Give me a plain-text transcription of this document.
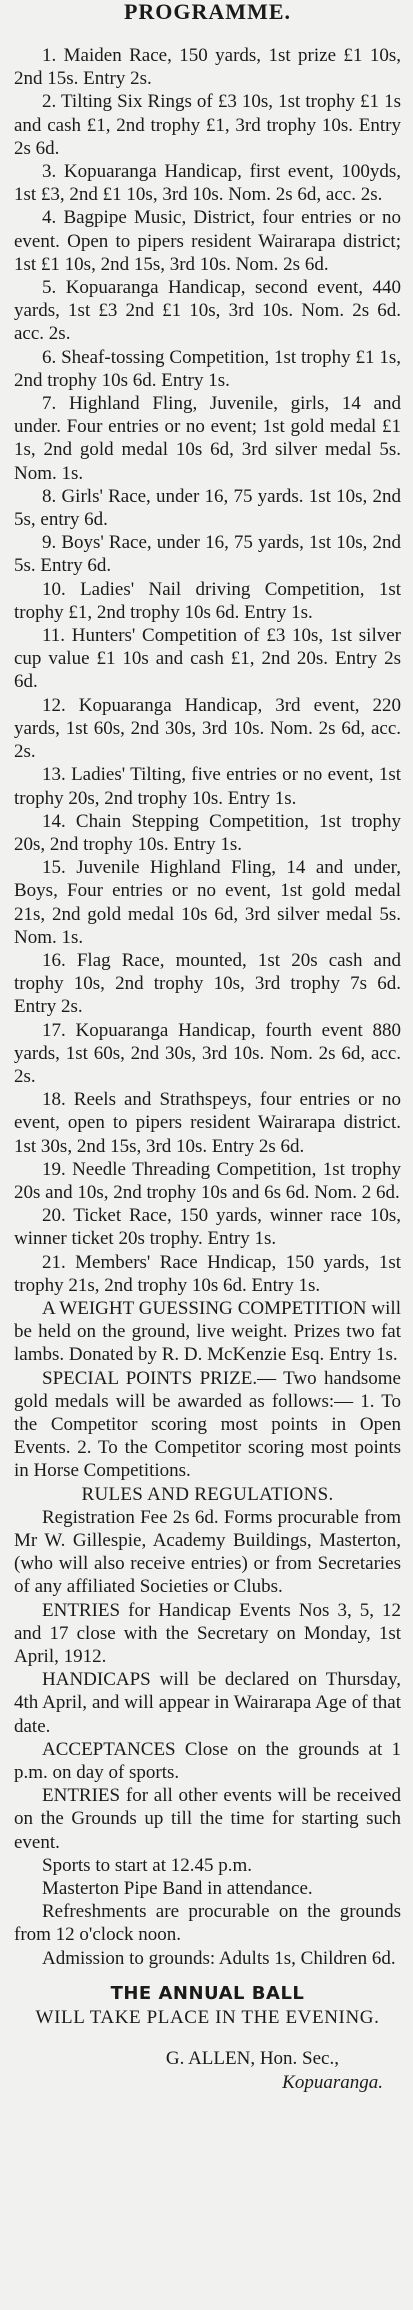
PROGRAMME.

1. Maiden Race, 150 yards, 1st prize £1 10s, 2nd 15s. Entry 2s.

2. Tilting Six Rings of £3 10s, 1st trophy £1 1s and cash £1, 2nd trophy £1, 3rd trophy 10s. Entry 2s 6d.

3. Kopuaranga Handicap, first event, 100yds, 1st £3, 2nd £1 10s, 3rd 10s. Nom. 2s 6d, acc. 2s.

4. Bagpipe Music, District, four entries or no event. Open to pipers resident Wairarapa district; 1st £1 10s, 2nd 15s, 3rd 10s. Nom. 2s 6d.

5. Kopuaranga Handicap, second event, 440 yards, 1st £3 2nd £1 10s, 3rd 10s. Nom. 2s 6d. acc. 2s.

6. Sheaf-tossing Competition, 1st trophy £1 1s, 2nd trophy 10s 6d. Entry 1s.

7. Highland Fling, Juvenile, girls, 14 and under. Four entries or no event; 1st gold medal £1 1s, 2nd gold medal 10s 6d, 3rd silver medal 5s. Nom. 1s.

8. Girls' Race, under 16, 75 yards. 1st 10s, 2nd 5s, entry 6d.

9. Boys' Race, under 16, 75 yards, 1st 10s, 2nd 5s. Entry 6d.

10. Ladies' Nail driving Competition, 1st trophy £1, 2nd trophy 10s 6d. Entry 1s.

11. Hunters' Competition of £3 10s, 1st silver cup value £1 10s and cash £1, 2nd 20s. Entry 2s 6d.

12. Kopuaranga Handicap, 3rd event, 220 yards, 1st 60s, 2nd 30s, 3rd 10s. Nom. 2s 6d, acc. 2s.

13. Ladies' Tilting, five entries or no event, 1st trophy 20s, 2nd trophy 10s. Entry 1s.

14. Chain Stepping Competition, 1st trophy 20s, 2nd trophy 10s. Entry 1s.

15. Juvenile Highland Fling, 14 and under, Boys, Four entries or no event, 1st gold medal 21s, 2nd gold medal 10s 6d, 3rd silver medal 5s. Nom. 1s.

16. Flag Race, mounted, 1st 20s cash and trophy 10s, 2nd trophy 10s, 3rd trophy 7s 6d. Entry 2s.

17. Kopuaranga Handicap, fourth event 880 yards, 1st 60s, 2nd 30s, 3rd 10s. Nom. 2s 6d, acc. 2s.

18. Reels and Strathspeys, four entries or no event, open to pipers resident Wairarapa district. 1st 30s, 2nd 15s, 3rd 10s. Entry 2s 6d.

19. Needle Threading Competition, 1st trophy 20s and 10s, 2nd trophy 10s and 6s 6d. Nom. 2 6d.

20. Ticket Race, 150 yards, winner race 10s, winner ticket 20s trophy. Entry 1s.

21. Members' Race Hndicap, 150 yards, 1st trophy 21s, 2nd trophy 10s 6d. Entry 1s.

A WEIGHT GUESSING COMPETITION will be held on the ground, live weight. Prizes two fat lambs. Donated by R. D. McKenzie Esq. Entry 1s.

SPECIAL POINTS PRIZE.— Two handsome gold medals will be awarded as follows:— 1. To the Competitor scoring most points in Open Events. 2. To the Competitor scoring most points in Horse Competitions.

RULES AND REGULATIONS.

Registration Fee 2s 6d. Forms procurable from Mr W. Gillespie, Academy Buildings, Masterton, (who will also receive entries) or from Secretaries of any affiliated Societies or Clubs.

ENTRIES for Handicap Events Nos 3, 5, 12 and 17 close with the Secretary on Monday, 1st April, 1912.

HANDICAPS will be declared on Thursday, 4th April, and will appear in Wairarapa Age of that date.

ACCEPTANCES Close on the grounds at 1 p.m. on day of sports.

ENTRIES for all other events will be received on the Grounds up till the time for starting such event.

Sports to start at 12.45 p.m.

Masterton Pipe Band in attendance.

Refreshments are procurable on the grounds from 12 o'clock noon.

Admission to grounds: Adults 1s, Children 6d.

THE ANNUAL BALL
WILL TAKE PLACE IN THE EVENING.
G. ALLEN, Hon. Sec.,
Kopuaranga.
